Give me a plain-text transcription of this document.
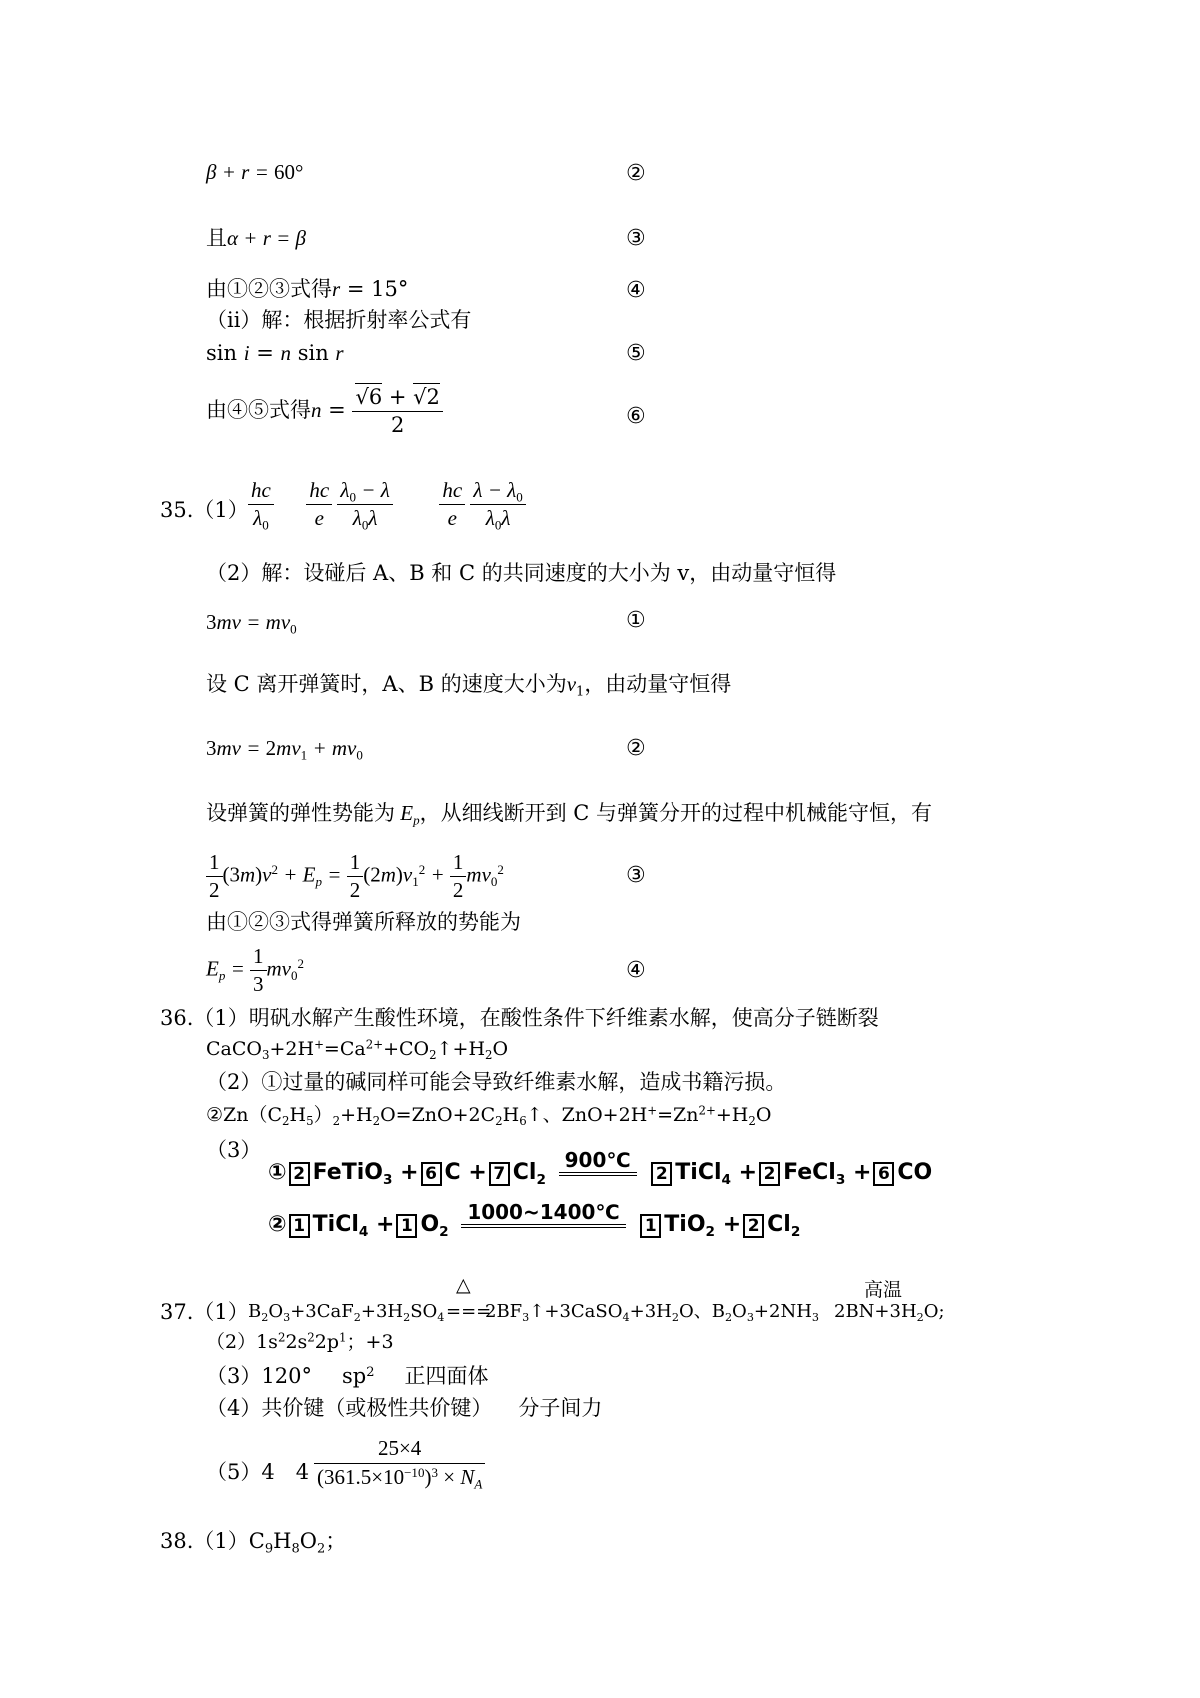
β + r = 60°	②
且α + r = β	③
由①②③式得r = 15°	④
（ii）解：根据折射率公式有
sin i = n sin r	⑤
由④⑤式得$n = \frac{√6 + √2}{2}$	⑥
$35.(1) \frac{hc}{\lambda_0}$
$\frac{hc}{e}$
$\frac{\lambda_0 - \lambda}{\lambda_0\lambda}$
$\frac{hc}{e}$
$\frac{\lambda - \lambda_0}{\lambda_0\lambda}$
（2）解：设碰后 A、B 和 C 的共同速度的大小为 v，由动量守恒得
$3mv = mv_0$	①
设 C 离开弹簧时，A、B 的速度大小为$v_1$，由动量守恒得
$3mv = 2mv_1 + mv_0$	②
设弹簧的弹性势能为 $E_p$，从细线断开到 C 与弹簧分开的过程中机械能守恒，有
$\frac{1}{2} (3m)v^2 + E_p = \frac{1}{2} (2m)v_1^2 + \frac{1}{2} mv_0^2$	③
由①②③式得弹簧所释放的势能为
$E_p = \frac{1}{3} mv_0^2$	④
36.（1）明矾水解产生酸性环境，在酸性条件下纤维素水解，使高分子链断裂
$CaCO_3+2H^+=Ca^{2+}+CO_2↑+H_2O$
（2）①过量的碱同样可能会导致纤维素水解，造成书籍污损。
$②Zn(C_2H_5)_2+H_2O=ZnO+2C_2H_6↑$、$ZnO+2H^+=Zn^{2+}+H_2O$
（3）
① 2 FeTiO$_3$ + 6 C + 7 $Cl_2$
900℃
2 TiCl$_4$ + 2 FeCl$_3$ + 6 CO
② 1 TiCl$_4$ + 1 $O_2$
1000~1400℃
1 TiO$_2$ + 2 $Cl_2$
△	高温
37.（1） $B_2O_3+3CaF_2+3H_2SO_4$ ===
$2BF_3↑+3CaSO_4+3H_2O$、$B_2O_3+2NH_3$ $2BN+3H_2O$;
$(2)1s^22s^22p^1$；+3
（3）120° $sp^2$ 正四面体
（4）共价键（或极性共价键） 分子间力
（5）4　$4 \frac{25\times 4}{(361.5\times 10^{-10})^3 \times N_A}$
$38.(1)C_9H_8O_2$；
